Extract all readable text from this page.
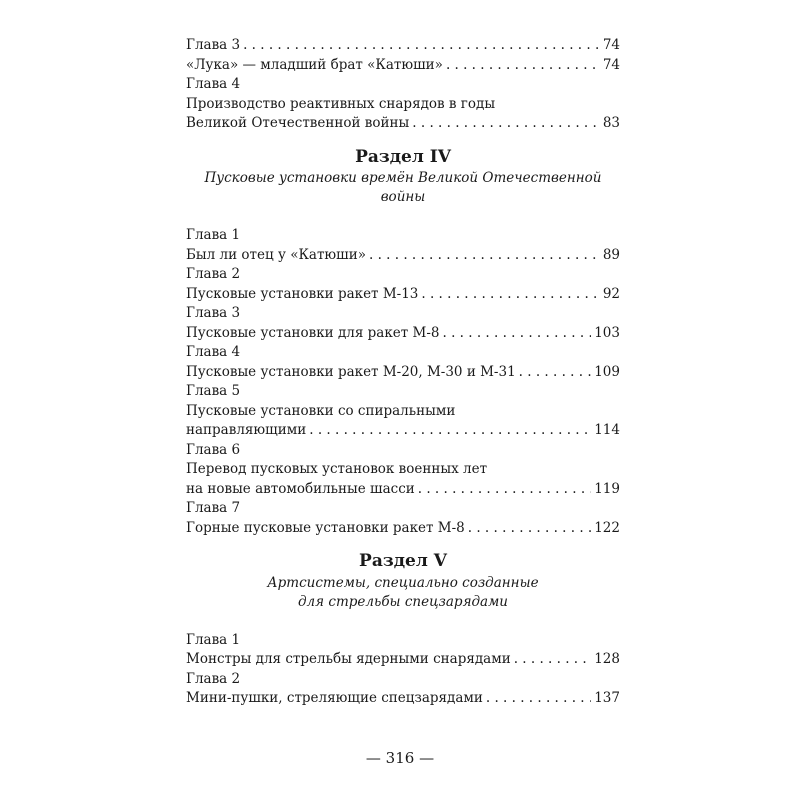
Глава 3 . . .	74
«Лука» — младший брат «Катюши» . . .	74
Глава 4
Производство реактивных снарядов в годы
Великой Отечественной войны . . .	83
Раздел IV
Пусковые установки времён Великой Отечественной войны
Глава 1
Был ли отец у «Катюши» . . .	89
Глава 2
Пусковые установки ракет М-13 . . .	92
Глава 3
Пусковые установки для ракет М-8 . . .	103
Глава 4
Пусковые установки ракет М-20, М-30 и М-31 . . .	109
Глава 5
Пусковые установки со спиральными
направляющими . . .	114
Глава 6
Перевод пусковых установок военных лет
на новые автомобильные шасси . . .	119
Глава 7
Горные пусковые установки ракет М-8 . . .	122
Раздел V
Артсистемы, специально созданные
для стрельбы спецзарядами
Глава 1
Монстры для стрельбы ядерными снарядами . . .	128
Глава 2
Мини-пушки, стреляющие спецзарядами . . .	137
— 316 —
